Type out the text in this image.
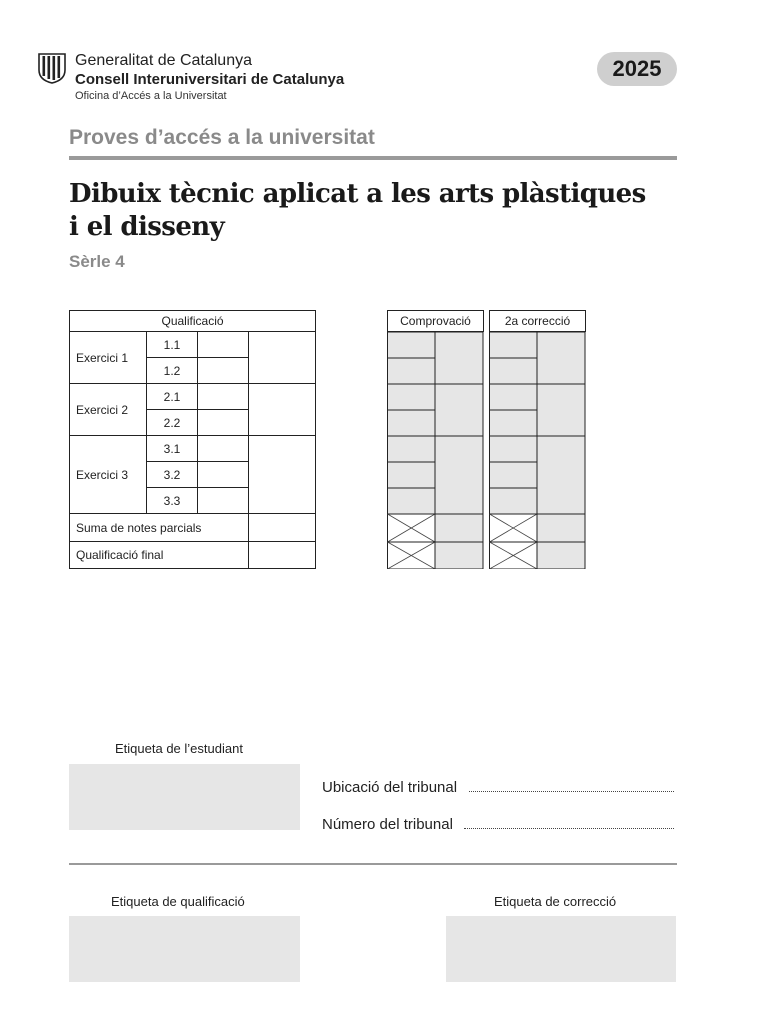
Generalitat de Catalunya
Consell Interuniversitari de Catalunya
Oficina d’Accés a la Universitat
2025
Proves d’accés a la universitat
Dibuix tècnic aplicat a les arts plàstiques
i el disseny
Sèrle 4
Qualificació			
Exercici 1	1.1		
	1.2		
Exercici 2	2.1		
	2.2		
Exercici 3	3.1		
	3.2		
	3.3		
Suma de notes parcials			
Qualificació final			
Comprovació	2a correcció
Etiqueta de l’estudiant
Ubicació del tribunal
Número del tribunal
Etiqueta de qualificació	Etiqueta de correcció
